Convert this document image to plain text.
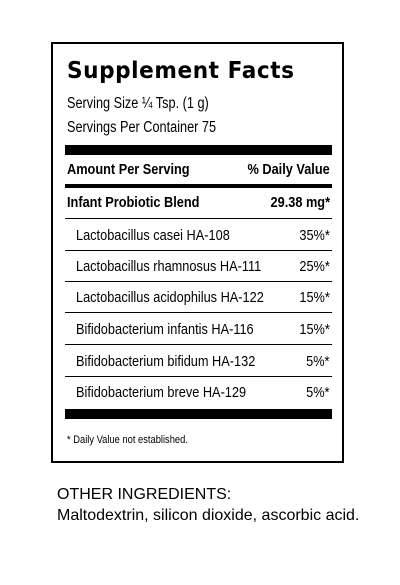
Supplement Facts
Serving Size ¼ Tsp. (1 g)
Servings Per Container 75
Amount Per Serving	% Daily Value
Infant Probiotic Blend	29.38 mg*
Lactobacillus casei HA-108	35%*
Lactobacillus rhamnosus HA-111	25%*
Lactobacillus acidophilus HA-122 15%*
Bifidobacterium infantis HA-116	15%*
Bifidobacterium bifidum HA-132	5%*
Bifidobacterium breve HA-129	5%*
* Daily Value not established.
OTHER INGREDIENTS:
Maltodextrin, silicon dioxide, ascorbic acid.
